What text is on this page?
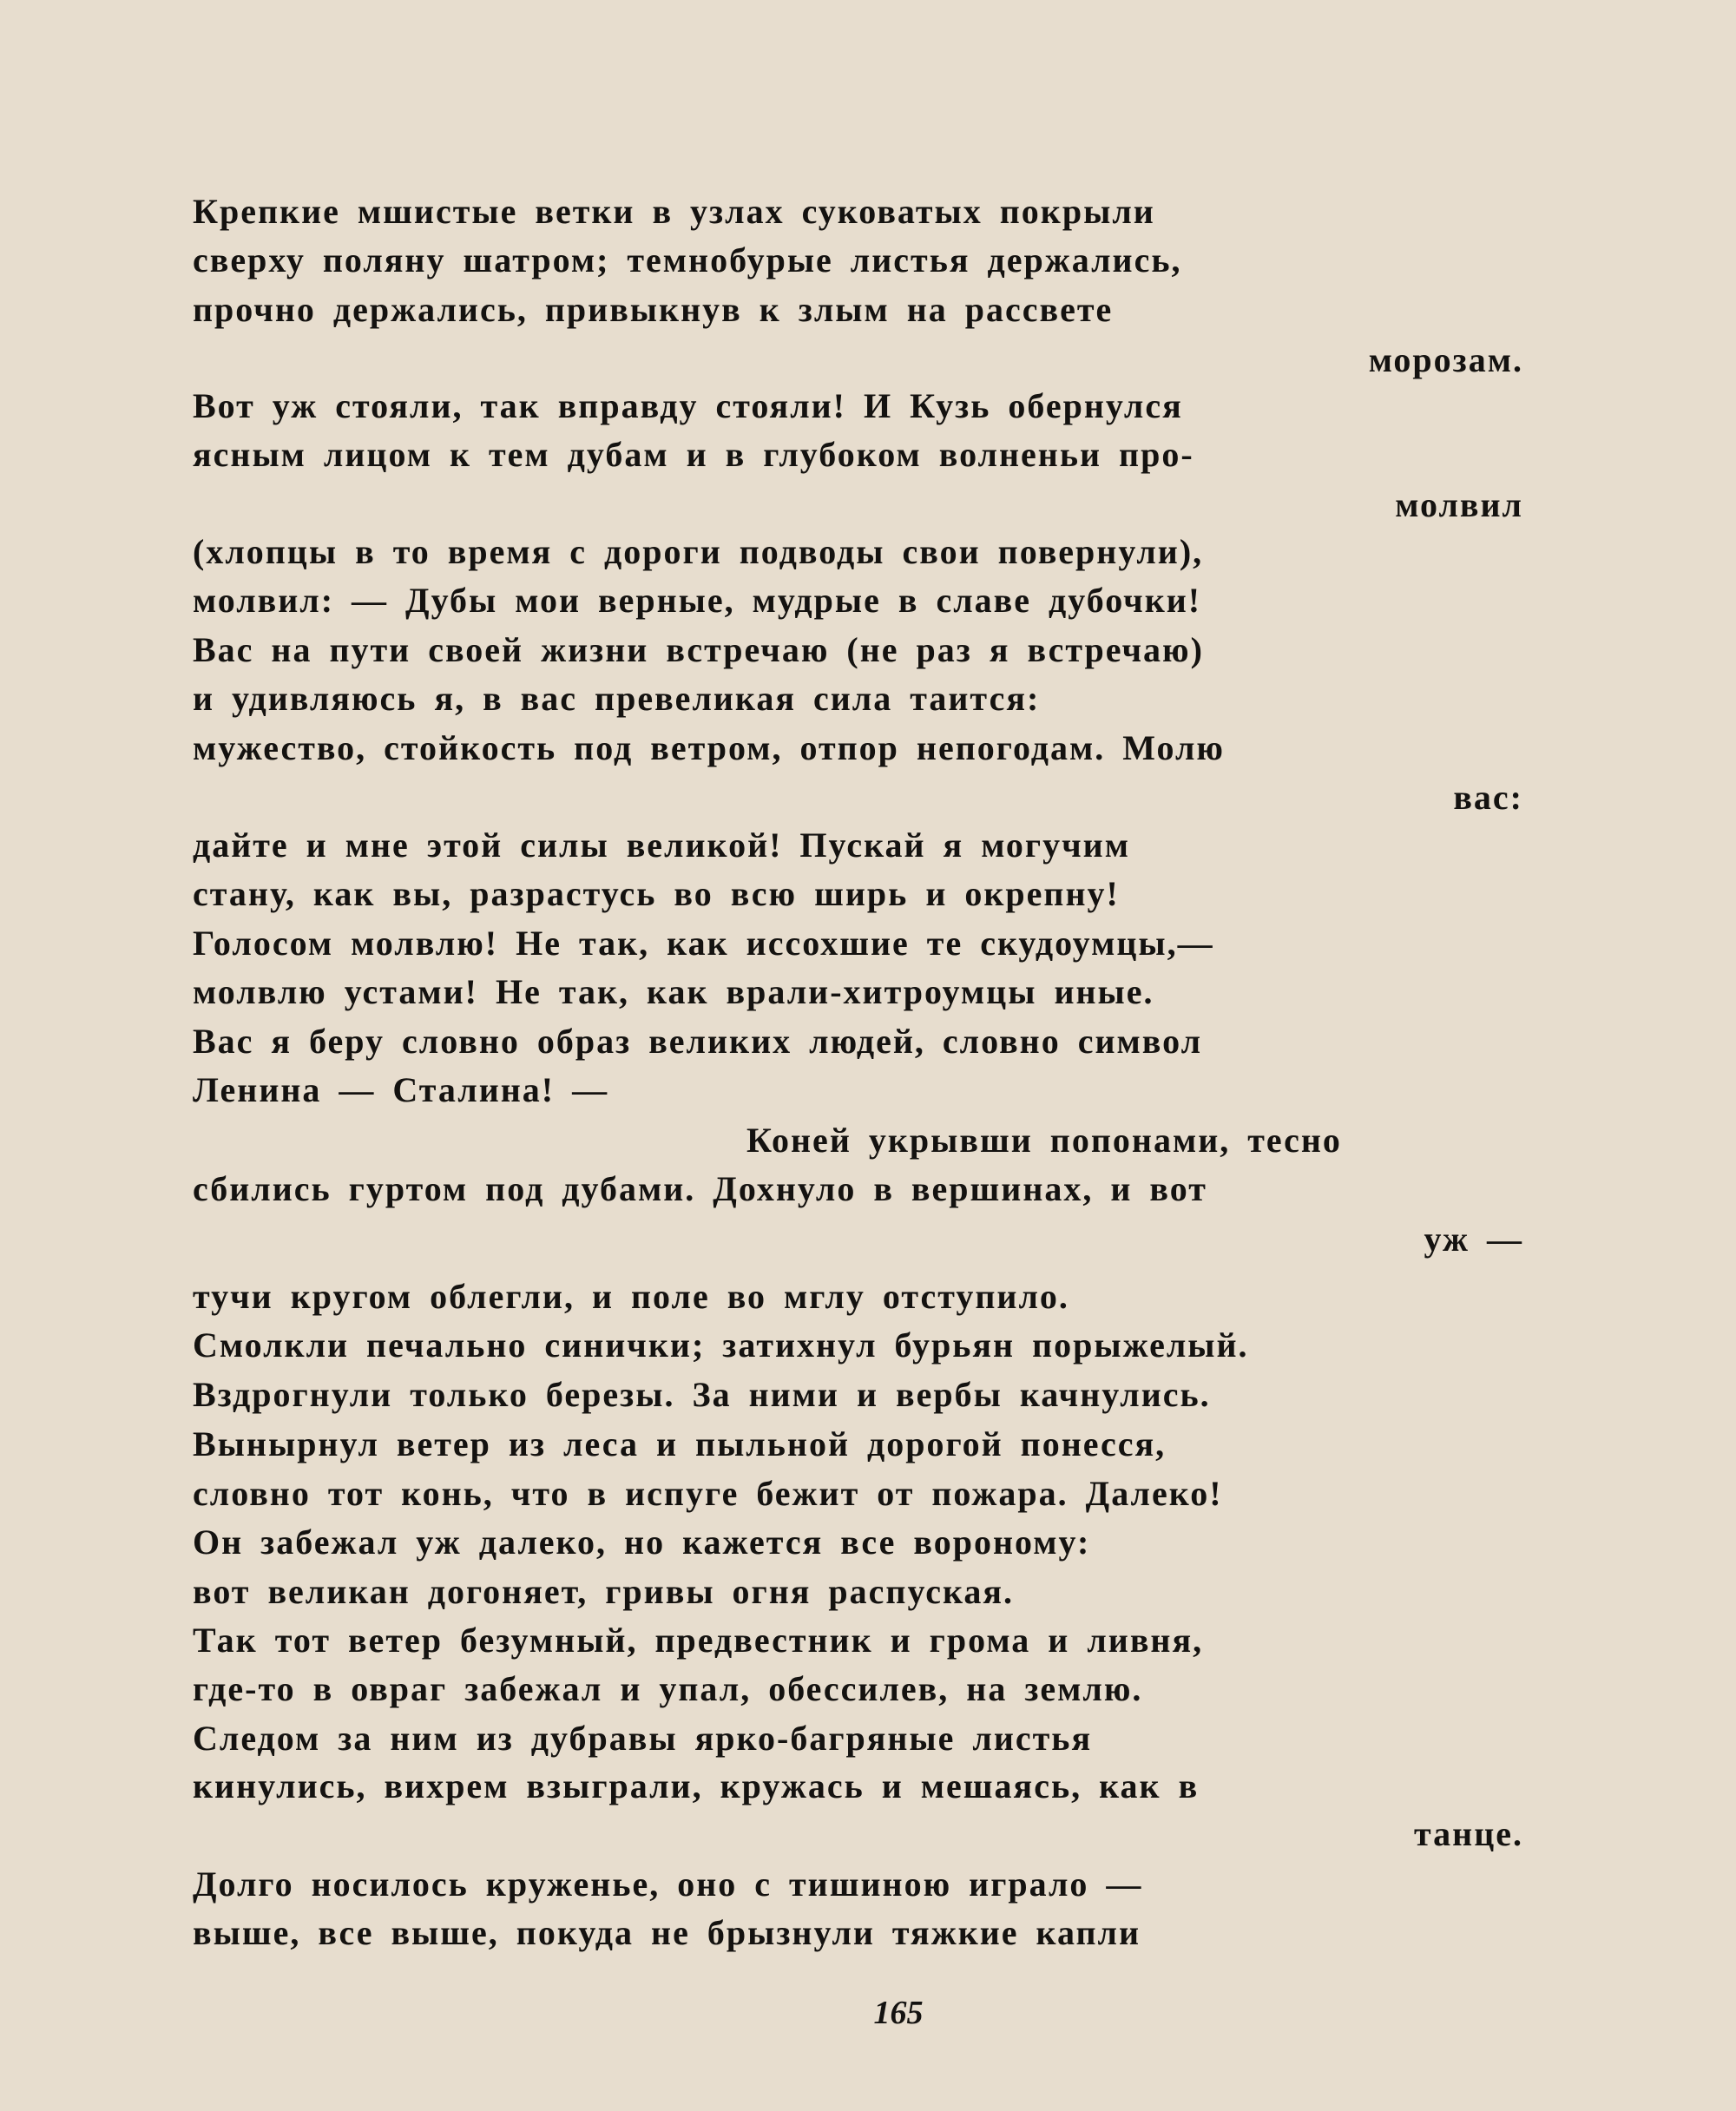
Крепкие мшистые ветки в узлах суковатых покрыли
сверху поляну шатром; темнобурые листья держались,
прочно держались, привыкнув к злым на рассвете
морозам.
Вот уж стояли, так вправду стояли! И Кузь обернулся
ясным лицом к тем дубам и в глубоком волненьи про-
молвил
(хлопцы в то время с дороги подводы свои повернули),
молвил: — Дубы мои верные, мудрые в славе дубочки!
Вас на пути своей жизни встречаю (не раз я встречаю)
и удивляюсь я, в вас превеликая сила таится:
мужество, стойкость под ветром, отпор непогодам. Молю
вас:
дайте и мне этой силы великой! Пускай я могучим
стану, как вы, разрастусь во всю ширь и окрепну!
Голосом молвлю! Не так, как иссохшие те скудоумцы,—
молвлю устами! Не так, как врали-хитроумцы иные.
Вас я беру словно образ великих людей, словно символ
Ленина — Сталина! —
Коней укрывши попонами, тесно
сбились гуртом под дубами. Дохнуло в вершинах, и вот
уж —
тучи кругом облегли, и поле во мглу отступило.
Смолкли печально синички; затихнул бурьян порыжелый.
Вздрогнули только березы. За ними и вербы качнулись.
Вынырнул ветер из леса и пыльной дорогой понесся,
словно тот конь, что в испуге бежит от пожара. Далеко!
Он забежал уж далеко, но кажется все вороному:
вот великан догоняет, гривы огня распуская.
Так тот ветер безумный, предвестник и грома и ливня,
где-то в овраг забежал и упал, обессилев, на землю.
Следом за ним из дубравы ярко-багряные листья
кинулись, вихрем взыграли, кружась и мешаясь, как в
танце.
Долго носилось круженье, оно с тишиною играло —
выше, все выше, покуда не брызнули тяжкие капли
165
